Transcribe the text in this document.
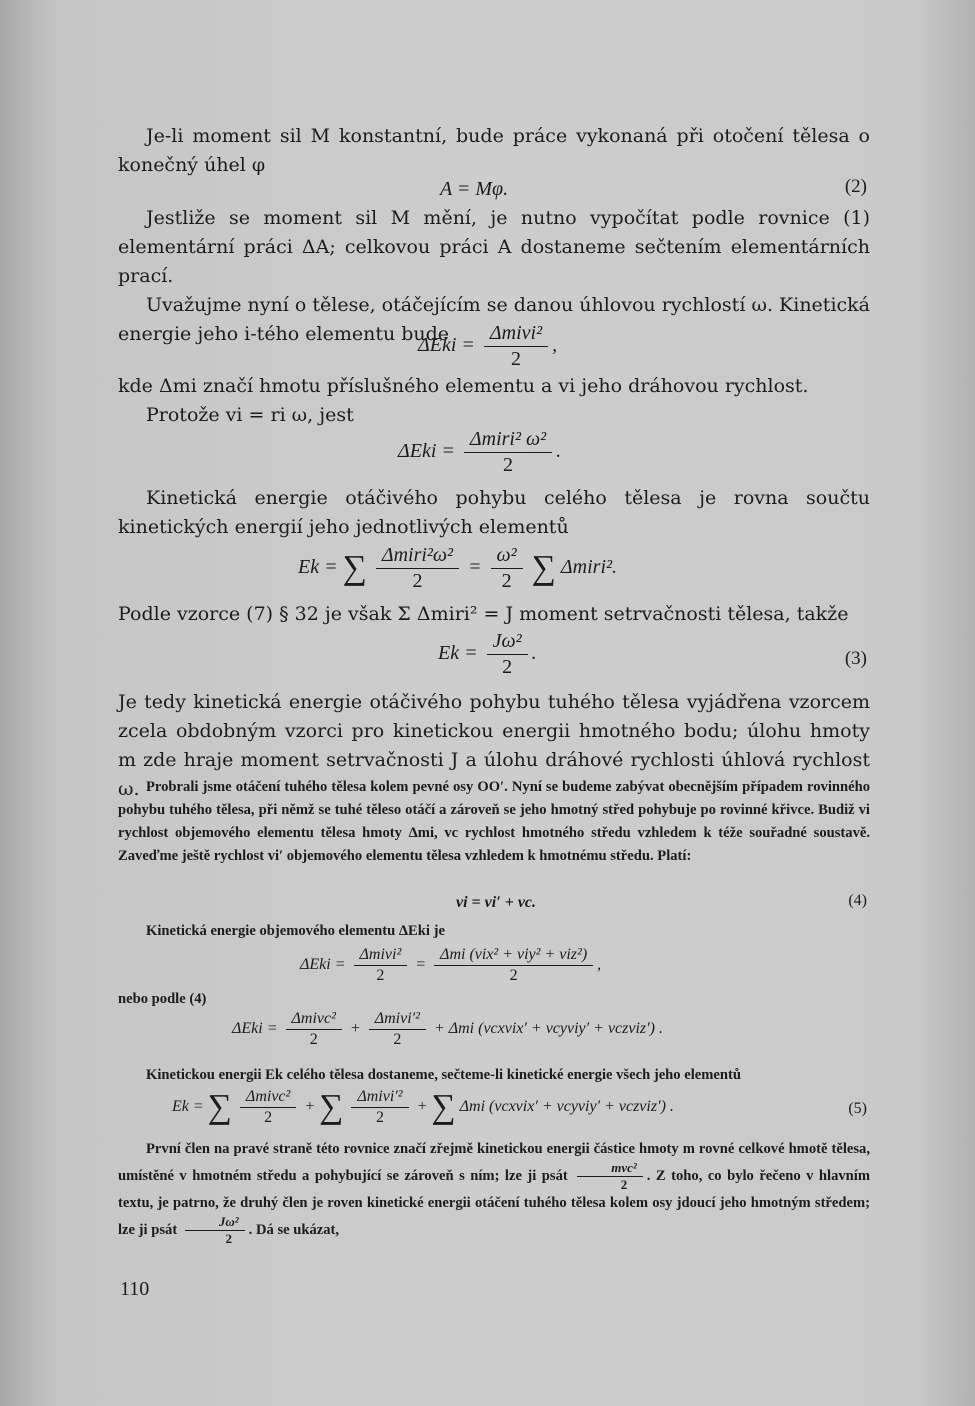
Je-li moment sil M konstantní, bude práce vykonaná při otočení tělesa o konečný úhel φ

A = Mφ.	(2)

Jestliže se moment sil M mění, je nutno vypočítat podle rovnice (1) elementární práci ΔA; celkovou práci A dostaneme sečtením elementárních prací.

Uvažujme nyní o tělese, otáčejícím se danou úhlovou rychlostí ω. Kinetická energie jeho i-tého elementu bude

$\Delta Eki = \frac{\text{Δmivi²}}{2}$ ,

kde Δmi značí hmotu příslušného elementu a vi jeho dráhovou rychlost.

Protože vi = ri ω, jest

$\Delta Eki = \frac{\text{Δmiri² ω²}}{2}$ .

Kinetická energie otáčivého pohybu celého tělesa je rovna součtu kinetických energií jeho jednotlivých elementů

Ek = ∑ $\frac{\text{Δmiri²ω²}}{2} = \frac{\text{ω²}}{2}$ ∑ Δmiri².

Podle vzorce (7) § 32 je však Σ Δmiri² = J moment setrvačnosti tělesa, takže

$Ek = \frac{\text{Jω²}}{2}$ .	(3)

Je tedy kinetická energie otáčivého pohybu tuhého tělesa vyjádřena vzorcem zcela obdobným vzorci pro kinetickou energii hmotného bodu; úlohu hmoty m zde hraje moment setrvačnosti J a úlohu dráhové rychlosti úhlová rychlost ω. Probrali jsme otáčení tuhého tělesa kolem pevné osy OO′. Nyní se budeme zabývat obecnějším případem rovinného pohybu tuhého tělesa, při němž se tuhé těleso otáčí a zároveň se jeho hmotný střed pohybuje po rovinné křivce. Budiž vi rychlost objemového elementu tělesa hmoty Δmi, vc rychlost hmotného středu vzhledem k téže souřadné soustavě. Zaveďme ještě rychlost vi′ objemového elementu tělesa vzhledem k hmotnému středu. Platí:

vi = vi′ + vc.	(4)

Kinetická energie objemového elementu ΔEki je

$\Delta Eki = \frac{\text{Δmivi²}}{2} = \frac{\text{Δmi (vix² + viy² + viz²)}}{2}$ ,

nebo podle (4)

$\Delta Eki = \frac{\text{Δmivc²}}{2} + \frac{\text{Δmivi′²}}{2} + \Delta mi$ (vcxvix′ + vcyviy′ + vczviz′) .

Kinetickou energii Ek celého tělesa dostaneme, sečteme-li kinetické energie všech jeho elementů

Ek = ∑ $\frac{\text{Δmivc²}}{2}$ + ∑ $\frac{\text{Δmivi′²}}{2}$ + ∑ Δmi (vcxvix′ + vcyviy′ + vczviz′) .	(5)

První člen na pravé straně této rovnice značí zřejmě kinetickou energii částice hmoty m rovné celkové hmotě tělesa, umístěné v hmotném středu a pohybující se zároveň s ním; lze ji psát $\frac{\text{mvc²}}{2}$ . Z toho, co bylo řečeno v hlavním textu, je patrno, že druhý člen je roven kinetické energii otáčení tuhého tělesa kolem osy jdoucí jeho hmotným středem; lze ji psát $\frac{\text{Jω²}}{2}$ . Dá se ukázat,

110
